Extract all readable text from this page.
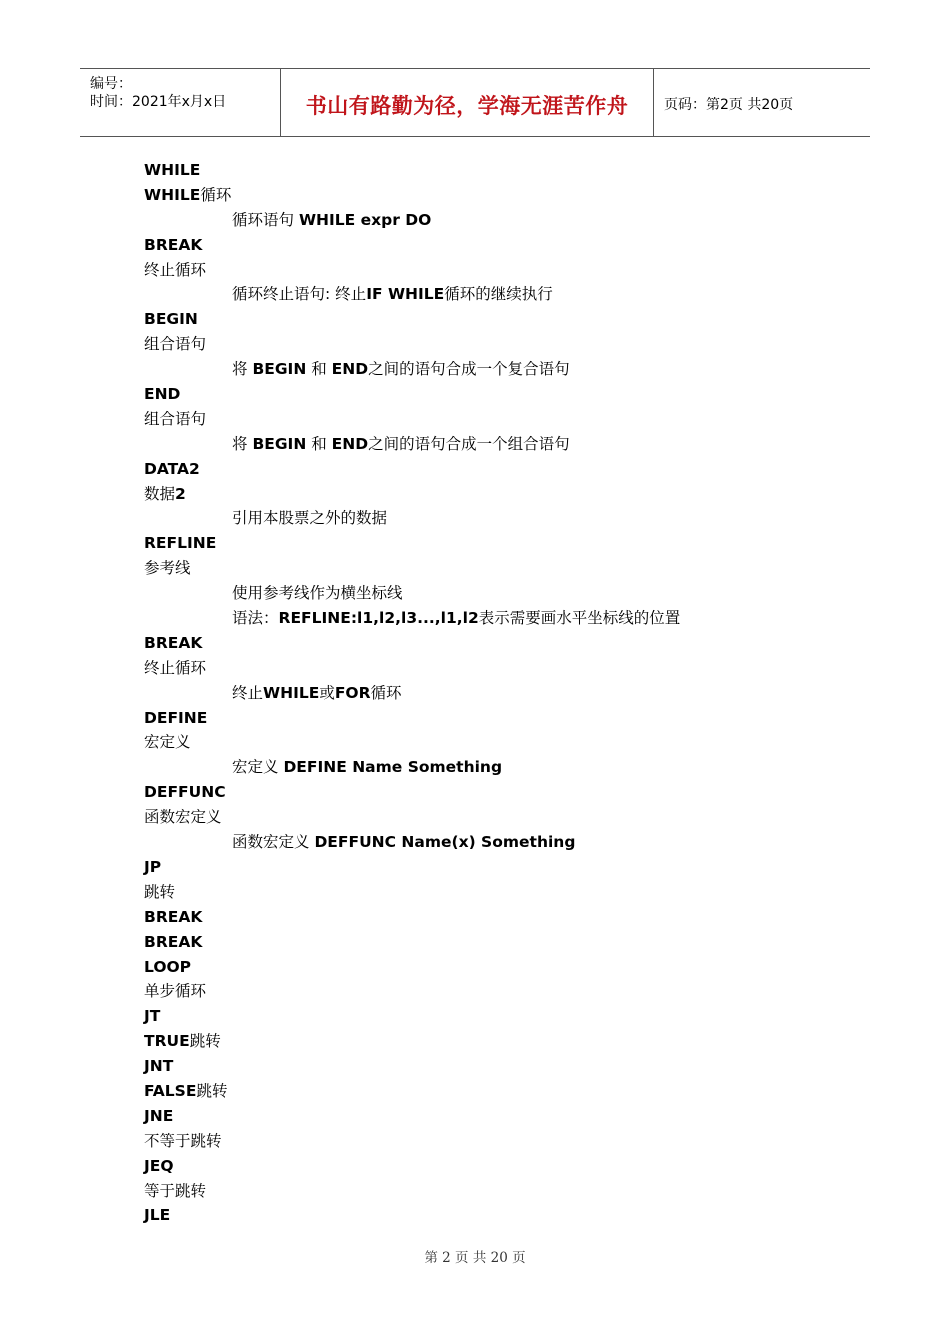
编号：
时间：2021年x月x日	书山有路勤为径，学海无涯苦作舟	页码：第2页 共20页
WHILE
WHILE循环
循环语句 WHILE expr DO
BREAK
终止循环
循环终止语句: 终止IF WHILE循环的继续执行
BEGIN
组合语句
将 BEGIN 和 END之间的语句合成一个复合语句
END
组合语句
将 BEGIN 和 END之间的语句合成一个组合语句
DATA2
数据2
引用本股票之外的数据
REFLINE
参考线
使用参考线作为横坐标线
语法：REFLINE:l1,l2,l3...,l1,l2表示需要画水平坐标线的位置
BREAK
终止循环
终止WHILE或FOR循环
DEFINE
宏定义
宏定义 DEFINE Name Something
DEFFUNC
函数宏定义
函数宏定义 DEFFUNC Name(x) Something
JP
跳转
BREAK
BREAK
LOOP
单步循环
JT
TRUE跳转
JNT
FALSE跳转
JNE
不等于跳转
JEQ
等于跳转
JLE
第 2 页 共 20 页
